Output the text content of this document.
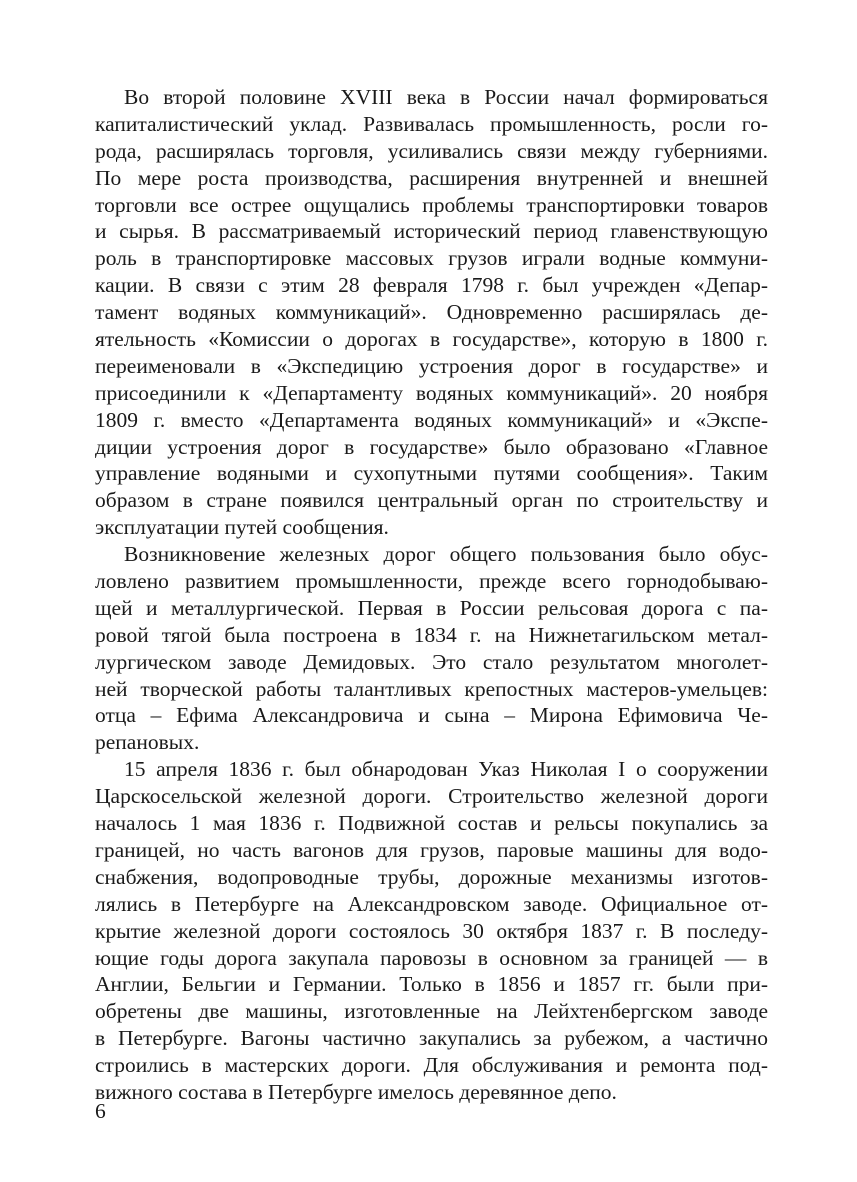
Во второй половине XVIII века в России начал формироваться
капиталистический уклад. Развивалась промышленность, росли го-
рода, расширялась торговля, усиливались связи между губерниями.
По мере роста производства, расширения внутренней и внешней
торговли все острее ощущались проблемы транспортировки товаров
и сырья. В рассматриваемый исторический период главенствующую
роль в транспортировке массовых грузов играли водные коммуни-
кации. В связи с этим 28 февраля 1798 г. был учрежден «Депар-
тамент водяных коммуникаций». Одновременно расширялась де-
ятельность «Комиссии о дорогах в государстве», которую в 1800 г.
переименовали в «Экспедицию устроения дорог в государстве» и
присоединили к «Департаменту водяных коммуникаций». 20 ноября
1809 г. вместо «Департамента водяных коммуникаций» и «Экспе-
диции устроения дорог в государстве» было образовано «Главное
управление водяными и сухопутными путями сообщения». Таким
образом в стране появился центральный орган по строительству и
эксплуатации путей сообщения.
Возникновение железных дорог общего пользования было обус-
ловлено развитием промышленности, прежде всего горнодобываю-
щей и металлургической. Первая в России рельсовая дорога с па-
ровой тягой была построена в 1834 г. на Нижнетагильском метал-
лургическом заводе Демидовых. Это стало результатом многолет-
ней творческой работы талантливых крепостных мастеров-умельцев:
отца – Ефима Александровича и сына – Мирона Ефимовича Че-
репановых.
15 апреля 1836 г. был обнародован Указ Николая I о сооружении
Царскосельской железной дороги. Строительство железной дороги
началось 1 мая 1836 г. Подвижной состав и рельсы покупались за
границей, но часть вагонов для грузов, паровые машины для водо-
снабжения, водопроводные трубы, дорожные механизмы изготов-
лялись в Петербурге на Александровском заводе. Официальное от-
крытие железной дороги состоялось 30 октября 1837 г. В последу-
ющие годы дорога закупала паровозы в основном за границей — в
Англии, Бельгии и Германии. Только в 1856 и 1857 гг. были при-
обретены две машины, изготовленные на Лейхтенбергском заводе
в Петербурге. Вагоны частично закупались за рубежом, а частично
строились в мастерских дороги. Для обслуживания и ремонта под-
вижного состава в Петербурге имелось деревянное депо.
6
